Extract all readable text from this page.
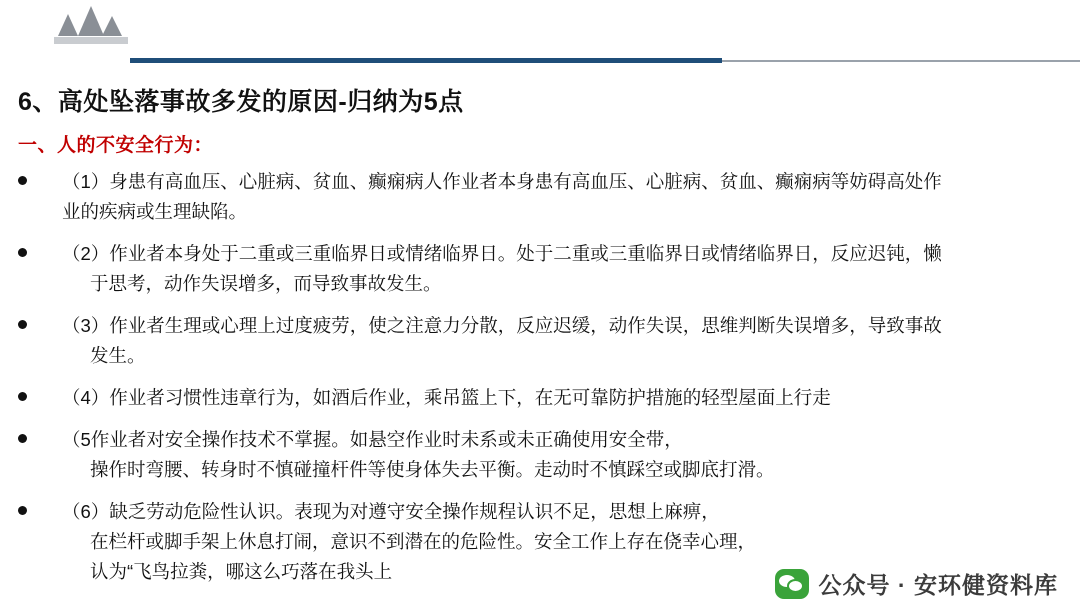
6、高处坠落事故多发的原因-归纳为5点
一、人的不安全行为：
（1）身患有高血压、心脏病、贫血、癫痫病人作业者本身患有高血压、心脏病、贫血、癫痫病等妨碍高处作
业的疾病或生理缺陷。
（2）作业者本身处于二重或三重临界日或情绪临界日。处于二重或三重临界日或情绪临界日，反应迟钝，懒
于思考，动作失误增多，而导致事故发生。
（3）作业者生理或心理上过度疲劳，使之注意力分散，反应迟缓，动作失误，思维判断失误增多，导致事故
发生。
（4）作业者习惯性违章行为，如酒后作业，乘吊篮上下，在无可靠防护措施的轻型屋面上行走
（5作业者对安全操作技术不掌握。如悬空作业时未系或未正确使用安全带，
操作时弯腰、转身时不慎碰撞杆件等使身体失去平衡。走动时不慎踩空或脚底打滑。
（6）缺乏劳动危险性认识。表现为对遵守安全操作规程认识不足，思想上麻痹，
在栏杆或脚手架上休息打闹，意识不到潜在的危险性。安全工作上存在侥幸心理，
认为“飞鸟拉粪，哪这么巧落在我头上
公众号 · 安环健资料库
